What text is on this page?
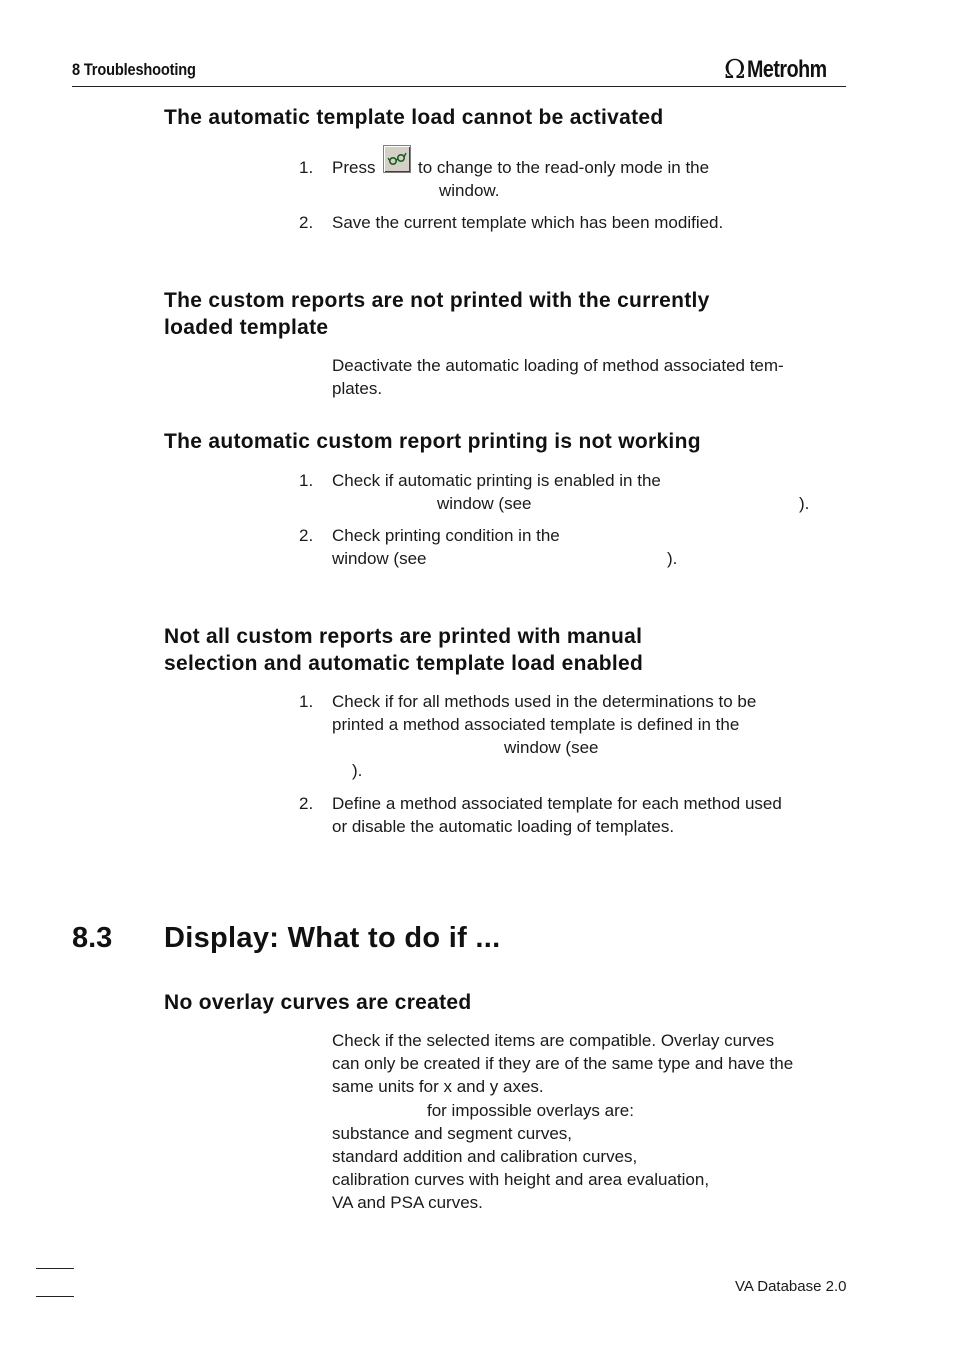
8 Troubleshooting	Ω Metrohm
The automatic template load cannot be activated
1. Press	to change to the read-only mode in the
window.
2. Save the current template which has been modified.
The custom reports are not printed with the currently
loaded template
Deactivate the automatic loading of method associated tem-
plates.
The automatic custom report printing is not working
1. Check if automatic printing is enabled in the
window (see	).
2. Check printing condition in the
window (see	).
Not all custom reports are printed with manual
selection and automatic template load enabled
1. Check if for all methods used in the determinations to be
printed a method associated template is defined in the
window (see
).
2. Define a method associated template for each method used
or disable the automatic loading of templates.
8.3 Display: What to do if ...
No overlay curves are created
Check if the selected items are compatible. Overlay curves
can only be created if they are of the same type and have the
same units for x and y axes.
for impossible overlays are:
substance and segment curves,
standard addition and calibration curves,
calibration curves with height and area evaluation,
VA and PSA curves.
VA Database 2.0
